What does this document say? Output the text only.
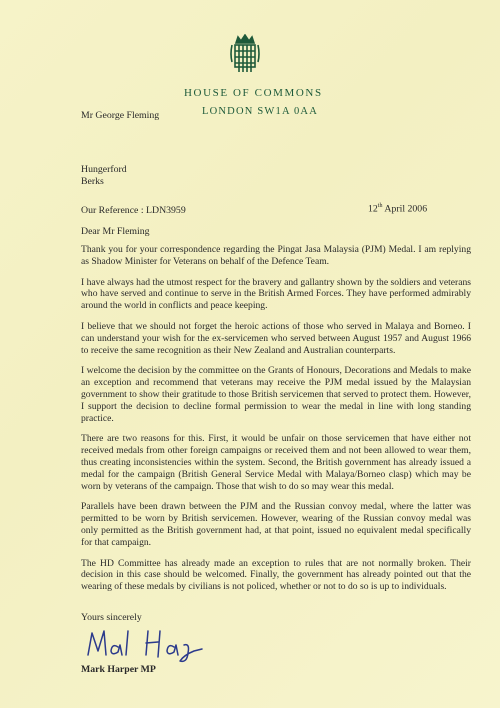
HOUSE OF COMMONS
LONDON SW1A 0AA
Mr George Fleming
Hungerford
Berks
Our Reference : LDN3959	12th April 2006
Dear Mr Fleming

Thank you for your correspondence regarding the Pingat Jasa Malaysia (PJM) Medal. I am replying as Shadow Minister for Veterans on behalf of the Defence Team.

I have always had the utmost respect for the bravery and gallantry shown by the soldiers and veterans who have served and continue to serve in the British Armed Forces. They have performed admirably around the world in conflicts and peace keeping.

I believe that we should not forget the heroic actions of those who served in Malaya and Borneo. I can understand your wish for the ex-servicemen who served between August 1957 and August 1966 to receive the same recognition as their New Zealand and Australian counterparts.

I welcome the decision by the committee on the Grants of Honours, Decorations and Medals to make an exception and recommend that veterans may receive the PJM medal issued by the Malaysian government to show their gratitude to those British servicemen that served to protect them. However, I support the decision to decline formal permission to wear the medal in line with long standing practice.

There are two reasons for this. First, it would be unfair on those servicemen that have either not received medals from other foreign campaigns or received them and not been allowed to wear them, thus creating inconsistencies within the system. Second, the British government has already issued a medal for the campaign (British General Service Medal with Malaya/Borneo clasp) which may be worn by veterans of the campaign. Those that wish to do so may wear this medal.

Parallels have been drawn between the PJM and the Russian convoy medal, where the latter was permitted to be worn by British servicemen. However, wearing of the Russian convoy medal was only permitted as the British government had, at that point, issued no equivalent medal specifically for that campaign.

The HD Committee has already made an exception to rules that are not normally broken. Their decision in this case should be welcomed. Finally, the government has already pointed out that the wearing of these medals by civilians is not policed, whether or not to do so is up to individuals.

Yours sincerely
Mark Harper MP
